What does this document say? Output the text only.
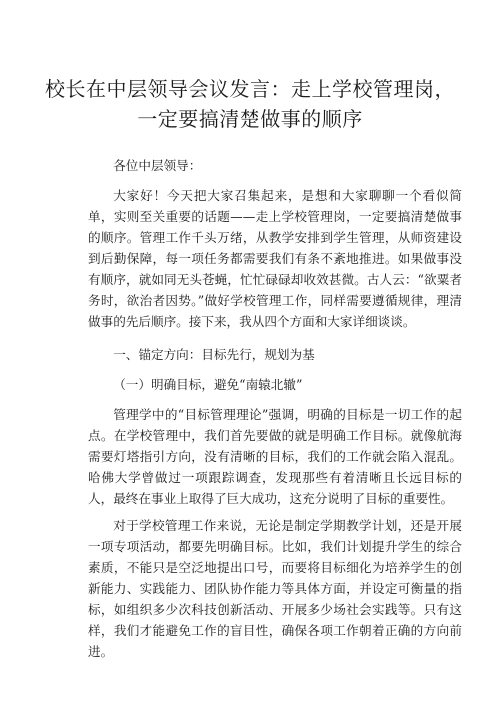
校长在中层领导会议发言：走上学校管理岗，一定要搞清楚做事的顺序

各位中层领导：

大家好！今天把大家召集起来，是想和大家聊聊一个看似简单，实则至关重要的话题——走上学校管理岗，一定要搞清楚做事的顺序。管理工作千头万绪，从教学安排到学生管理，从师资建设到后勤保障，每一项任务都需要我们有条不紊地推进。如果做事没有顺序，就如同无头苍蝇，忙忙碌碌却收效甚微。古人云：“欲粟者务时，欲治者因势。”做好学校管理工作，同样需要遵循规律，理清做事的先后顺序。接下来，我从四个方面和大家详细谈谈。

一、锚定方向：目标先行，规划为基

（一）明确目标，避免“南辕北辙”

管理学中的“目标管理理论”强调，明确的目标是一切工作的起点。在学校管理中，我们首先要做的就是明确工作目标。就像航海需要灯塔指引方向，没有清晰的目标，我们的工作就会陷入混乱。哈佛大学曾做过一项跟踪调查，发现那些有着清晰且长远目标的人，最终在事业上取得了巨大成功，这充分说明了目标的重要性。

对于学校管理工作来说，无论是制定学期教学计划，还是开展一项专项活动，都要先明确目标。比如，我们计划提升学生的综合素质，不能只是空泛地提出口号，而要将目标细化为培养学生的创新能力、实践能力、团队协作能力等具体方面，并设定可衡量的指标，如组织多少次科技创新活动、开展多少场社会实践等。只有这样，我们才能避免工作的盲目性，确保各项工作朝着正确的方向前进。
